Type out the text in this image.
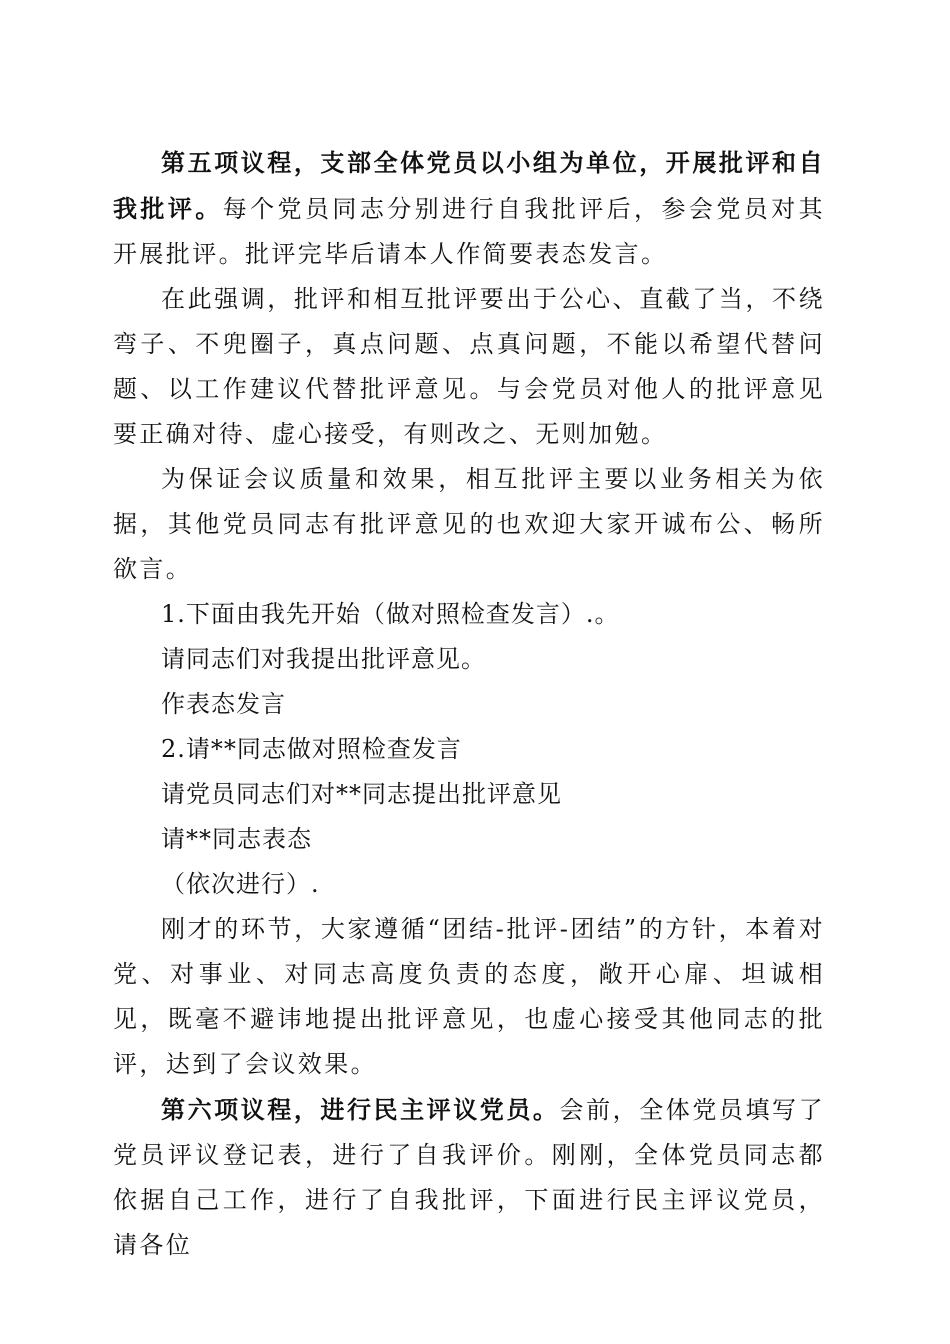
第五项议程，支部全体党员以小组为单位，开展批评和自我批评。每个党员同志分别进行自我批评后，参会党员对其开展批评。批评完毕后请本人作简要表态发言。

在此强调，批评和相互批评要出于公心、直截了当，不绕弯子、不兜圈子，真点问题、点真问题，不能以希望代替问题、以工作建议代替批评意见。与会党员对他人的批评意见要正确对待、虚心接受，有则改之、无则加勉。

为保证会议质量和效果，相互批评主要以业务相关为依据，其他党员同志有批评意见的也欢迎大家开诚布公、畅所欲言。

1.下面由我先开始（做对照检查发言）.。

请同志们对我提出批评意见。

作表态发言

2.请**同志做对照检查发言

请党员同志们对**同志提出批评意见

请**同志表态

（依次进行）.

刚才的环节，大家遵循“团结-批评-团结”的方针，本着对党、对事业、对同志高度负责的态度，敞开心扉、坦诚相见，既毫不避讳地提出批评意见，也虚心接受其他同志的批评，达到了会议效果。

第六项议程，进行民主评议党员。会前，全体党员填写了党员评议登记表，进行了自我评价。刚刚，全体党员同志都依据自己工作，进行了自我批评，下面进行民主评议党员，请各位
